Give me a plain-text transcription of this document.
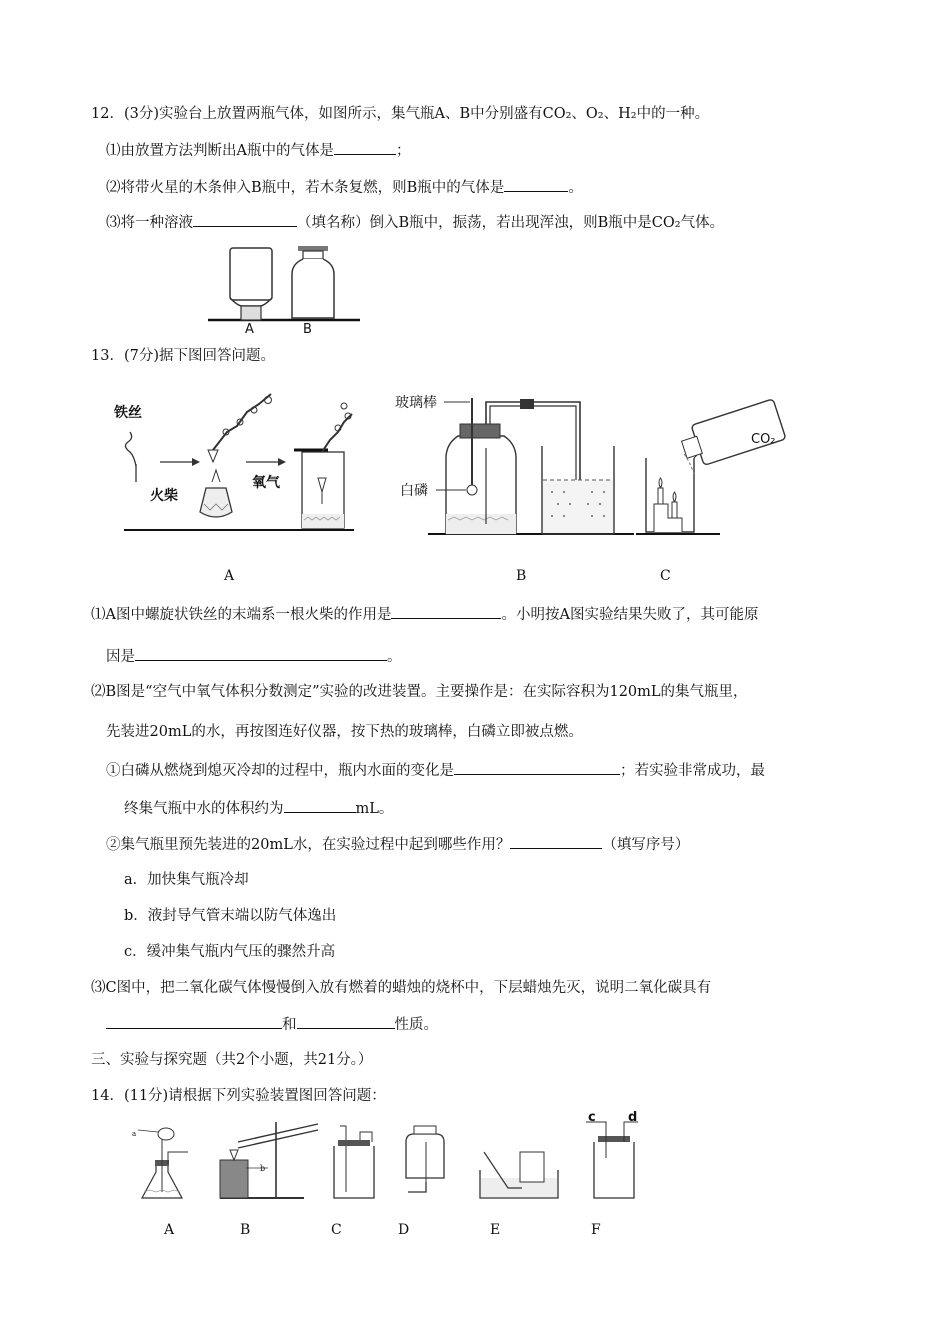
12．(3分)实验台上放置两瓶气体，如图所示，集气瓶A、B中分别盛有CO₂、O₂、H₂中的一种。
⑴由放置方法判断出A瓶中的气体是	；
⑵将带火星的木条伸入B瓶中，若木条复燃，则B瓶中的气体是	。
⑶将一种溶液	（填名称）倒入B瓶中，振荡，若出现浑浊，则B瓶中是CO₂气体。
A	B
13．(7分)据下图回答问题。
铁丝
火柴
氧气
玻璃棒
白磷
CO₂
A	B	C
⑴A图中螺旋状铁丝的末端系一根火柴的作用是	。小明按A图实验结果失败了，其可能原
因是	。
⑵B图是“空气中氧气体积分数测定”实验的改进装置。主要操作是：在实际容积为120mL的集气瓶里，
先装进20mL的水，再按图连好仪器，按下热的玻璃棒，白磷立即被点燃。
①白磷从燃烧到熄灭冷却的过程中，瓶内水面的变化是	；若实验非常成功，最
终集气瓶中水的体积约为	mL。
②集气瓶里预先装进的20mL水，在实验过程中起到哪些作用？	（填写序号）
a．加快集气瓶冷却
b．液封导气管末端以防气体逸出
c．缓冲集气瓶内气压的骤然升高
⑶C图中，把二氧化碳气体慢慢倒入放有燃着的蜡烛的烧杯中，下层蜡烛先灭，说明二氧化碳具有
和	性质。
三、实验与探究题（共2个小题，共21分。）
14．(11分)请根据下列实验装置图回答问题：
a
b
c d
A	B	C	D	E	F
